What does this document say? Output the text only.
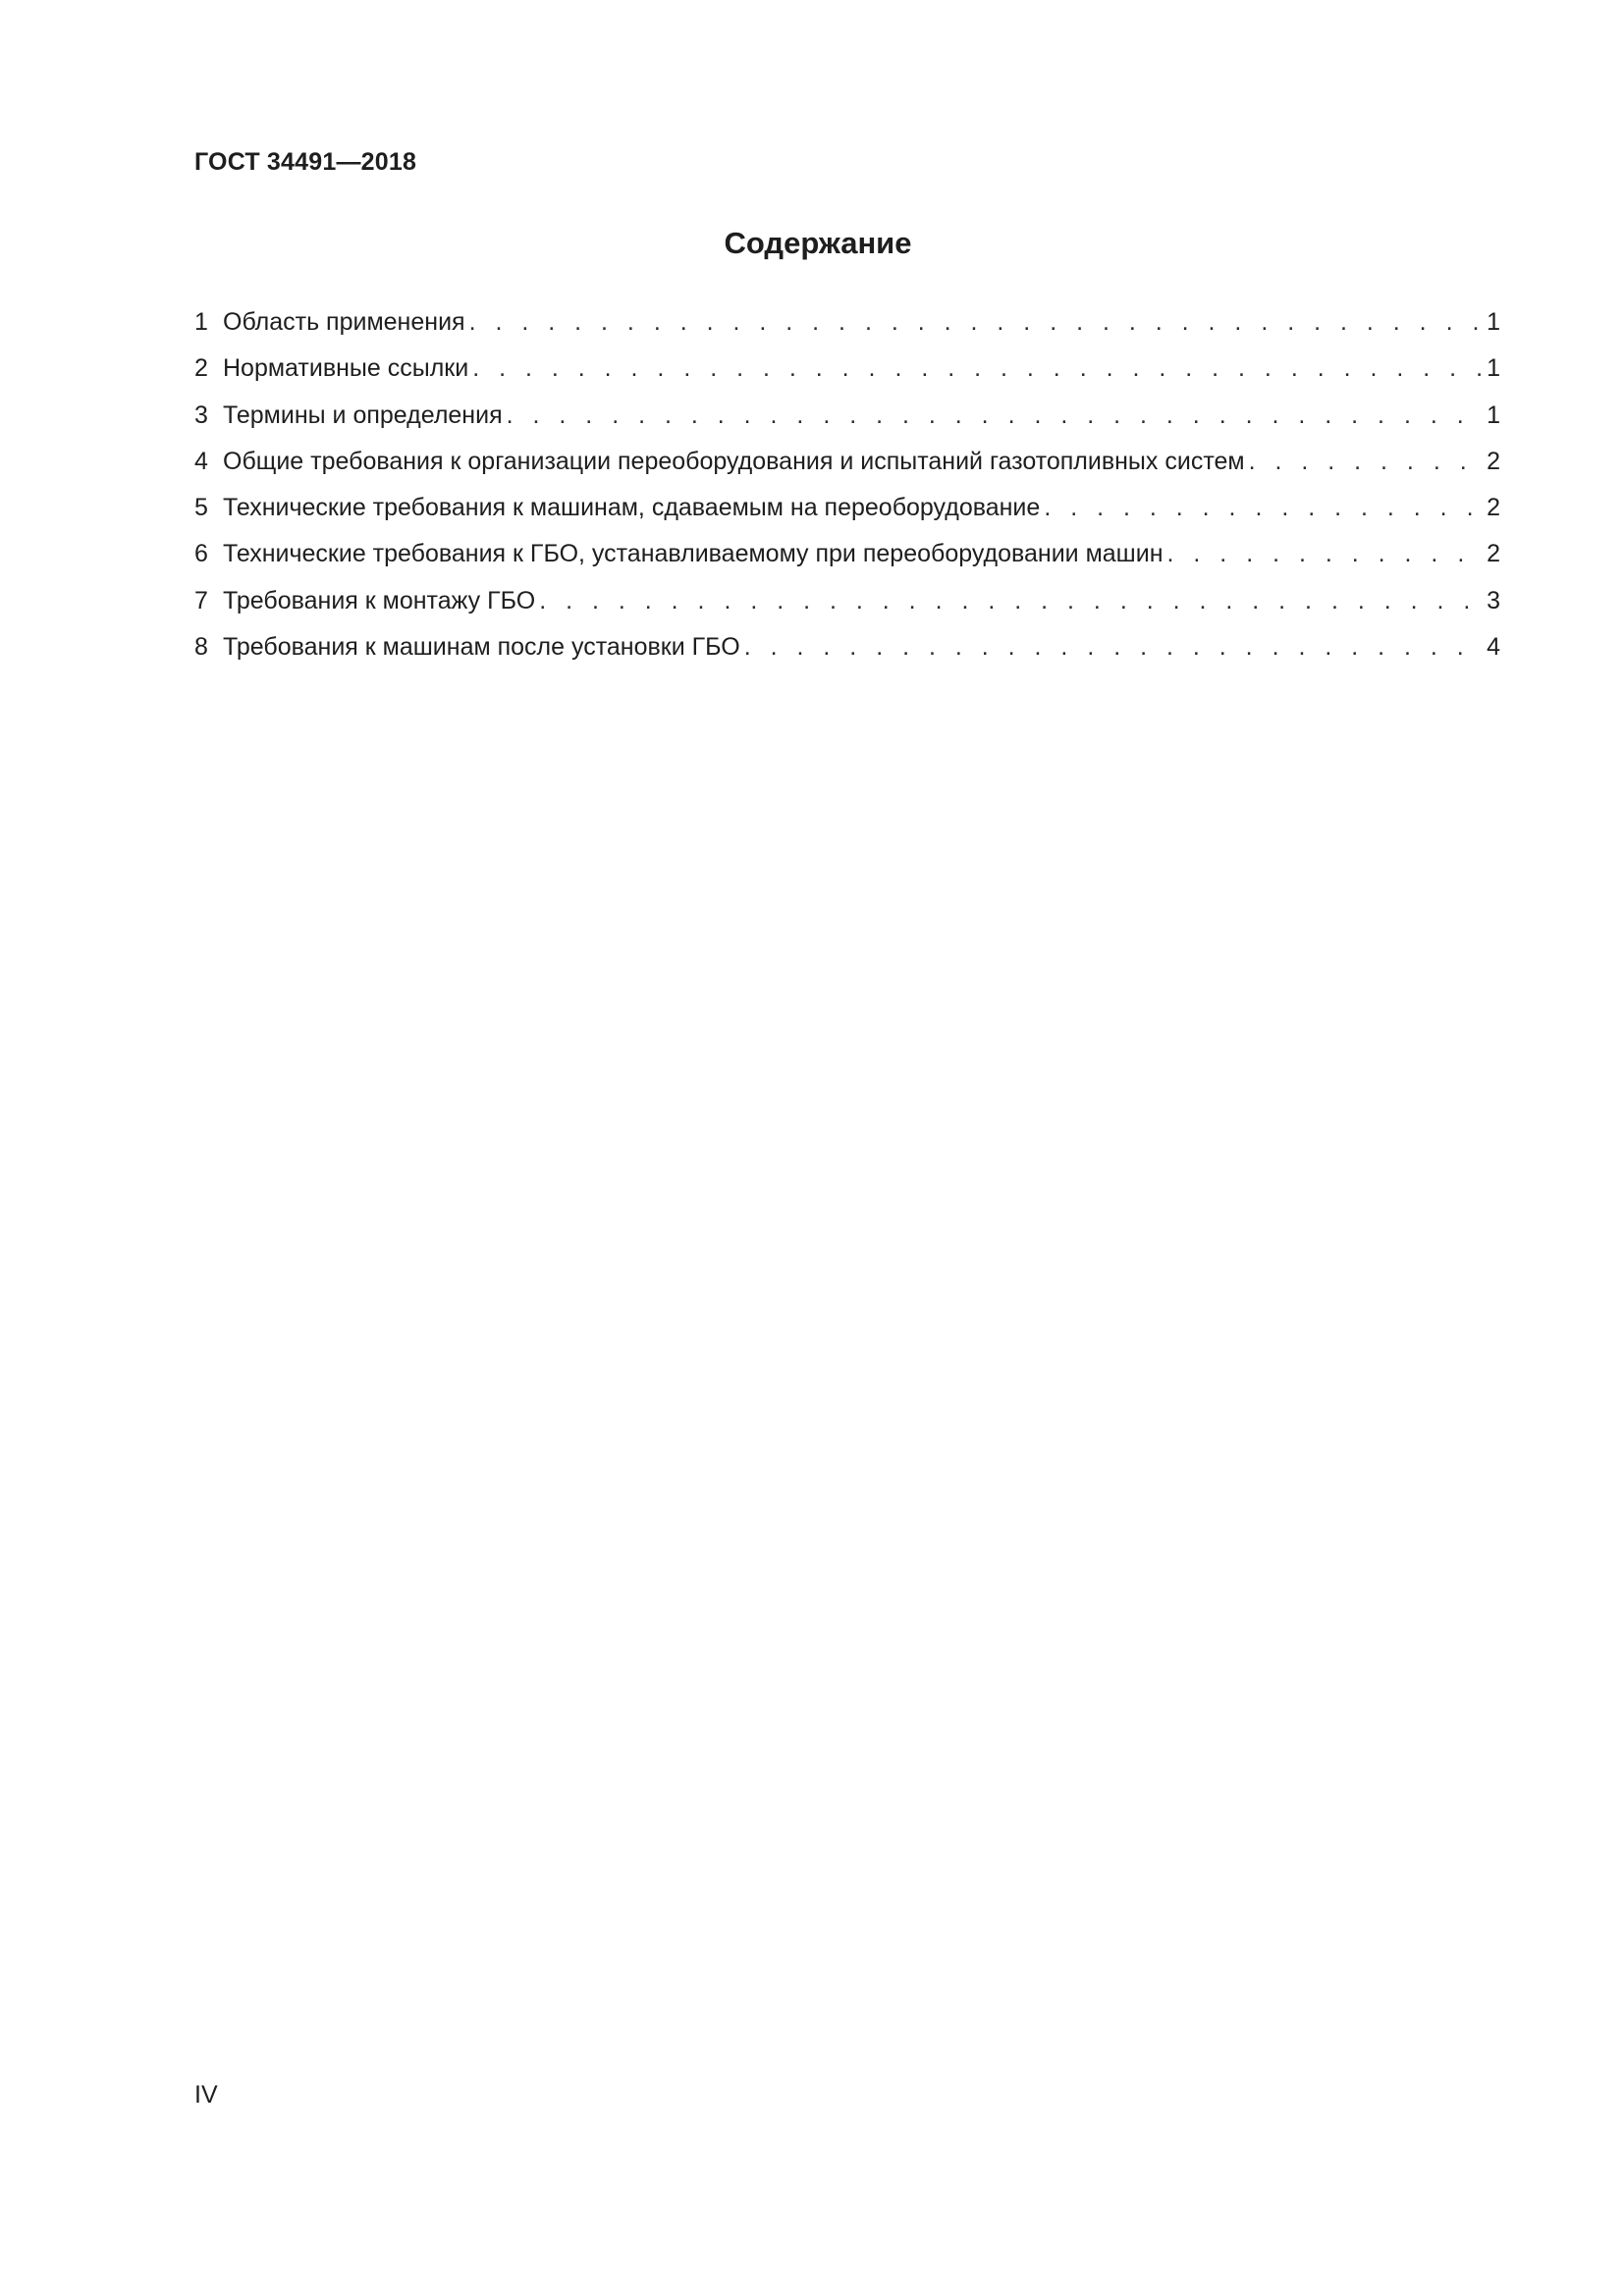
ГОСТ 34491—2018
Содержание
1 Область применения . . .	1
2 Нормативные ссылки . . .	1
3 Термины и определения . . .	1
4 Общие требования к организации переоборудования и испытаний газотопливных систем . . .	2
5 Технические требования к машинам, сдаваемым на переоборудование . . .	2
6 Технические требования к ГБО, устанавливаемому при переоборудовании машин . . .	2
7 Требования к монтажу ГБО . . .	3
8 Требования к машинам после установки ГБО . . .	4
IV
